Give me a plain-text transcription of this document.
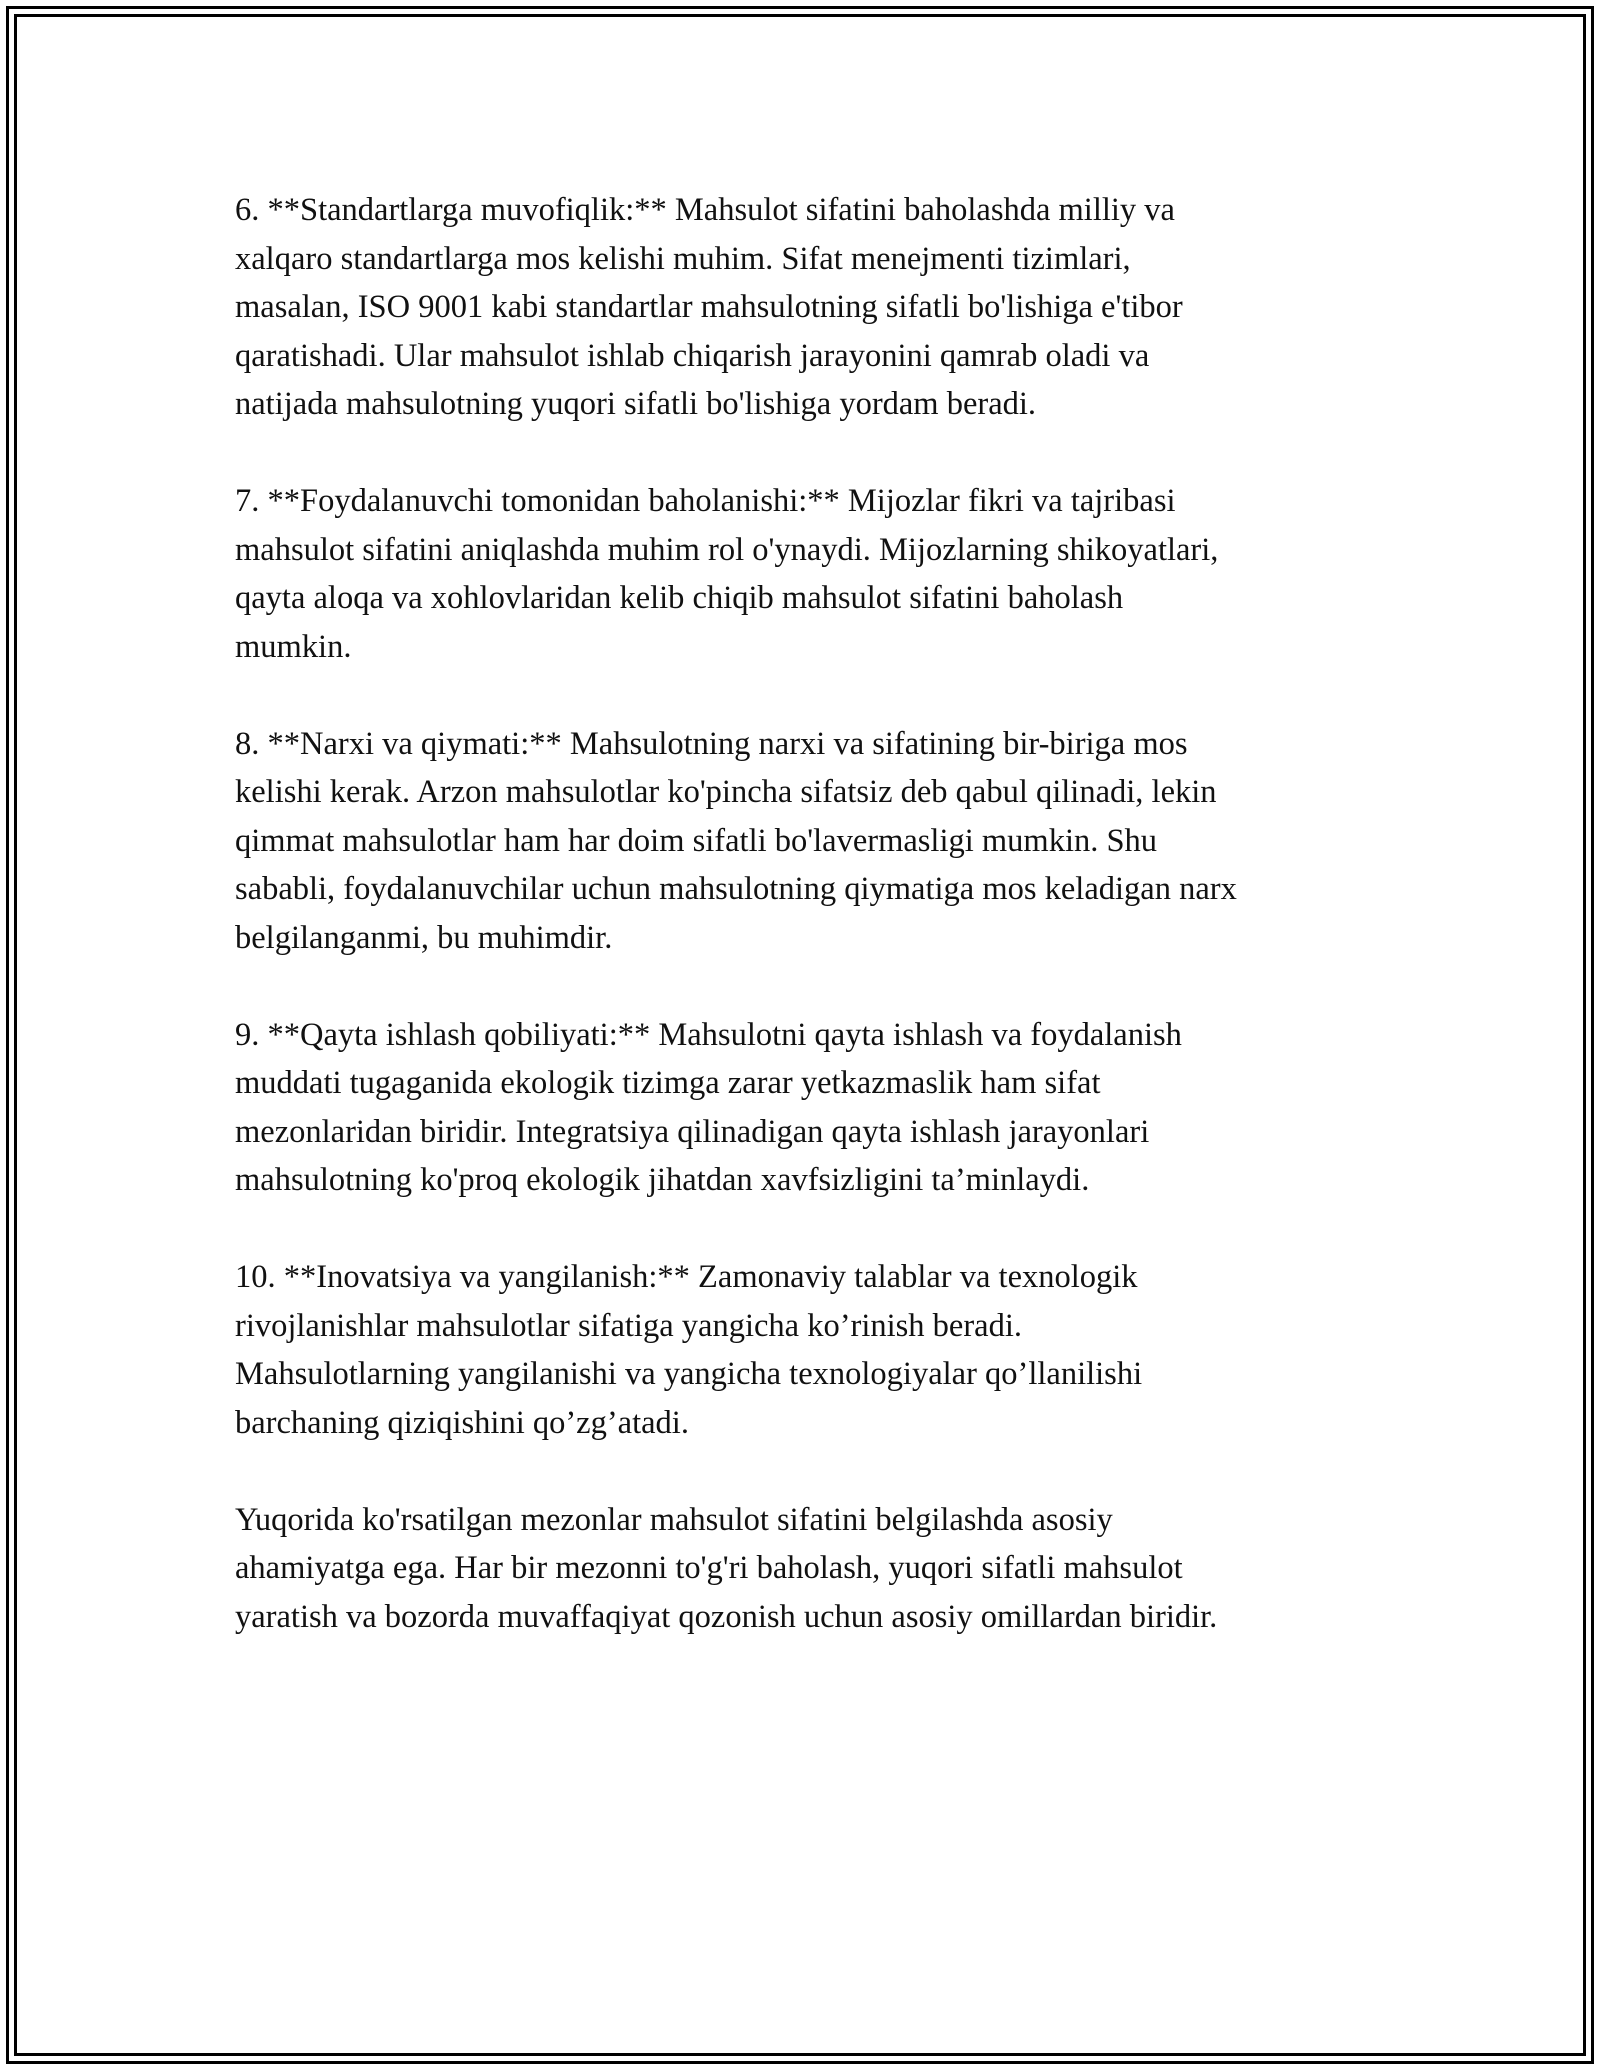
6. **Standartlarga muvofiqlik:** Mahsulot sifatini baholashda milliy va
xalqaro standartlarga mos kelishi muhim. Sifat menejmenti tizimlari,
masalan, ISO 9001 kabi standartlar mahsulotning sifatli bo'lishiga e'tibor
qaratishadi. Ular mahsulot ishlab chiqarish jarayonini qamrab oladi va
natijada mahsulotning yuqori sifatli bo'lishiga yordam beradi.

7. **Foydalanuvchi tomonidan baholanishi:** Mijozlar fikri va tajribasi
mahsulot sifatini aniqlashda muhim rol o'ynaydi. Mijozlarning shikoyatlari,
qayta aloqa va xohlovlaridan kelib chiqib mahsulot sifatini baholash
mumkin.

8. **Narxi va qiymati:** Mahsulotning narxi va sifatining bir-biriga mos
kelishi kerak. Arzon mahsulotlar ko'pincha sifatsiz deb qabul qilinadi, lekin
qimmat mahsulotlar ham har doim sifatli bo'lavermasligi mumkin. Shu
sababli, foydalanuvchilar uchun mahsulotning qiymatiga mos keladigan narx
belgilanganmi, bu muhimdir.

9. **Qayta ishlash qobiliyati:** Mahsulotni qayta ishlash va foydalanish
muddati tugaganida ekologik tizimga zarar yetkazmaslik ham sifat
mezonlaridan biridir. Integratsiya qilinadigan qayta ishlash jarayonlari
mahsulotning ko'proq ekologik jihatdan xavfsizligini ta’minlaydi.

10. **Inovatsiya va yangilanish:** Zamonaviy talablar va texnologik
rivojlanishlar mahsulotlar sifatiga yangicha ko’rinish beradi.
Mahsulotlarning yangilanishi va yangicha texnologiyalar qo’llanilishi
barchaning qiziqishini qo’zg’atadi.

Yuqorida ko'rsatilgan mezonlar mahsulot sifatini belgilashda asosiy
ahamiyatga ega. Har bir mezonni to'g'ri baholash, yuqori sifatli mahsulot
yaratish va bozorda muvaffaqiyat qozonish uchun asosiy omillardan biridir.
